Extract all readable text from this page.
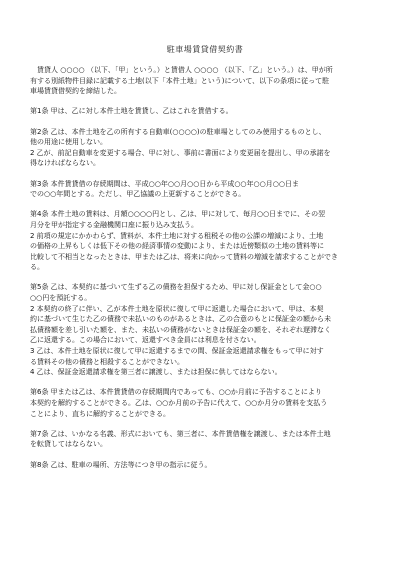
駐車場賃貸借契約書
賃貸人 ○○○○ （以下、「甲」という。）と賃借人 ○○○○ （以下、「乙」という。）は、甲が所
有する別紙物件目録に記載する土地(以下「本件土地」という)について、以下の条項に従って駐
車場賃貸借契約を締結した。
第1条 甲は、乙に対し本件土地を賃貸し、乙はこれを賃借する。
第2条 乙は、本件土地を乙の所有する自動車(○○○○)の駐車場としてのみ使用するものとし、
他の用途に使用しない。
2 乙が、前記自動車を変更する場合、甲に対し、事前に書面により変更届を提出し、甲の承諾を
得なければならない。
第3条 本件賃貸借の存続期間は、平成○○年○○月○○日から平成○○年○○月○○日ま
での○○年間とする。ただし、甲乙協議の上更新することができる。
第4条 本件土地の賃料は、月額○○○○円とし、乙は、甲に対して、毎月○○日までに、その翌
月分を甲が指定する金融機関口座に振り込み支払う。
2 前項の規定にかかわらず、賃料が、本件土地に対する租税その他の公課の増減により、土地
の価格の上昇もしくは低下その他の経済事情の変動により、または近傍類似の土地の賃料等に
比較して不相当となったときは、甲または乙は、将来に向かって賃料の増減を請求することができ
る。
第5条 乙は、本契約に基づいて生ずる乙の債務を担保するため、甲に対し保証金として金○○
○○円を預託する。
2 本契約の終了に伴い、乙が本件土地を原状に復して甲に返還した場合において、甲は、本契
約に基づいて生じた乙の債務で未払いのものがあるときは、乙の合意のもとに保証金の額から未
払債務額を差し引いた額を、また、未払いの債務がないときは保証金の額を、それぞれ遅滞なく
乙に返還する。この場合において、返還すべき金員には利息を付さない。
3 乙は、本件土地を原状に復して甲に返還するまでの間、保証金返還請求権をもって甲に対す
る賃料その他の債務と相殺することができない。
4 乙は、保証金返還請求権を第三者に譲渡し、または担保に供してはならない。
第6条 甲または乙は、本件賃貸借の存続期間内であっても、○○か月前に予告することにより
本契約を解約することができる。乙は、○○か月前の予告に代えて、○○か月分の賃料を支払う
ことにより、直ちに解約することができる。
第7条 乙は、いかなる名義、形式においても、第三者に、本件賃借権を譲渡し、または本件土地
を転貸してはならない。
第8条 乙は、駐車の場所、方法等につき甲の指示に従う。
